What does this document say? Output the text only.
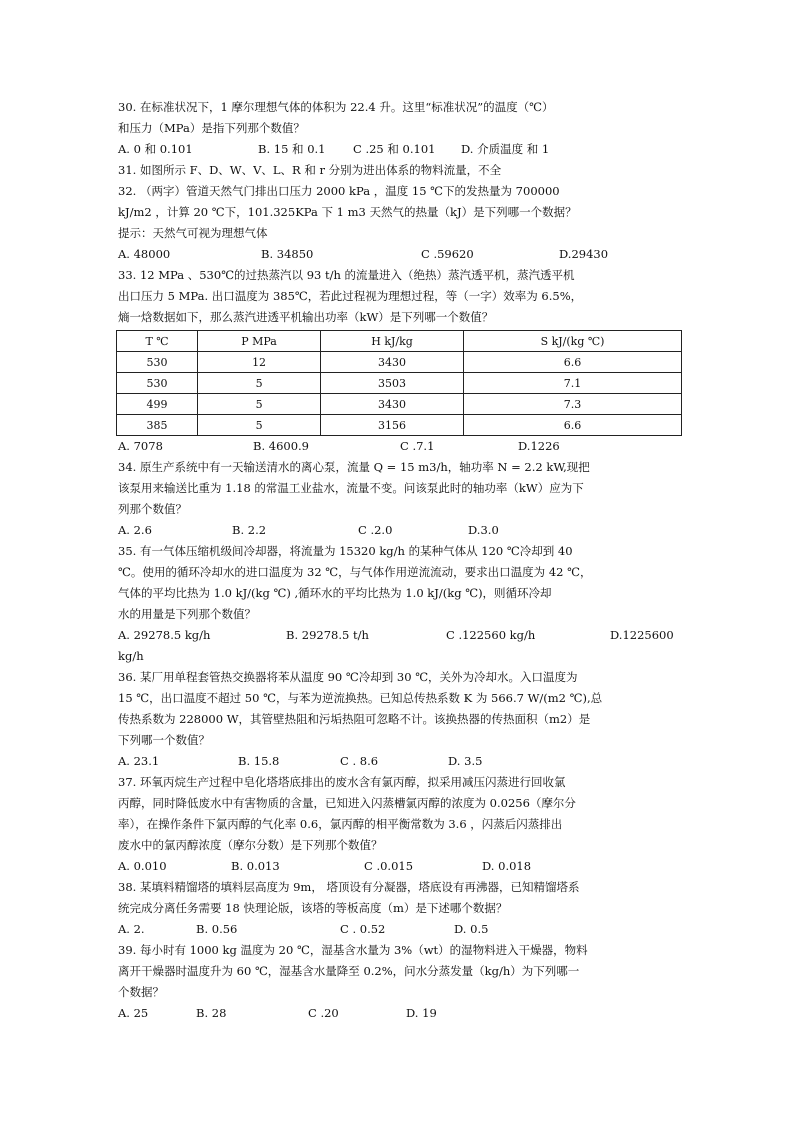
30. 在标准状况下，1 摩尔理想气体的体积为 22.4 升。这里“标准状况”的温度（℃）
和压力（MPa）是指下列那个数值？
A. 0 和 0.101	B. 15 和 0.1 C .25 和 0.101 D. 介质温度 和 1
31. 如图所示 F、D、W、V、L、R 和 r 分别为进出体系的物料流量，不全
32. （两字）管道天然气门排出口压力 2000 kPa ，温度 15 ℃下的发热量为 700000
kJ/m2 ，计算 20 ℃下，101.325KPa 下 1 m3 天然气的热量（kJ）是下列哪一个数据？
提示：天然气可视为理想气体
A. 48000	B. 34850	C .59620	D.29430
33. 12 MPa 、530℃的过热蒸汽以 93 t/h 的流量进入（绝热）蒸汽透平机，蒸汽透平机
出口压力 5 MPa. 出口温度为 385℃，若此过程视为理想过程，等（一字）效率为 6.5%，
熵一焓数据如下，那么蒸汽进透平机输出功率（kW）是下列哪一个数值？
T ℃	P MPa	H kJ/kg	S kJ/(kg ℃)
530	12	3430	6.6
530	5	3503	7.1
499	5	3430	7.3
385	5	3156	6.6
A. 7078	B. 4600.9	C .7.1	D.1226
34. 原生产系统中有一天输送清水的离心泵，流量 Q = 15 m3/h，轴功率 N = 2.2 kW,现把
该泵用来输送比重为 1.18 的常温工业盐水，流量不变。问该泵此时的轴功率（kW）应为下
列那个数值？
A. 2.6	B. 2.2	C .2.0	D.3.0
35. 有一气体压缩机级间冷却器，将流量为 15320 kg/h 的某种气体从 120 ℃冷却到 40
℃。使用的循环冷却水的进口温度为 32 ℃，与气体作用逆流流动，要求出口温度为 42 ℃，
气体的平均比热为 1.0 kJ/(kg ℃) ,循环水的平均比热为 1.0 kJ/(kg ℃)，则循环冷却
水的用量是下列那个数值？
A. 29278.5 kg/h	B. 29278.5 t/h	C .122560 kg/h	D.1225600
kg/h
36. 某厂用单程套管热交换器将苯从温度 90 ℃冷却到 30 ℃，关外为冷却水。入口温度为
15 ℃，出口温度不超过 50 ℃，与苯为逆流换热。已知总传热系数 K 为 566.7 W/(m2 ℃),总
传热系数为 228000 W，其管壁热阻和污垢热阻可忽略不计。该换热器的传热面积（m2）是
下列哪一个数值？
A. 23.1	B. 15.8	C . 8.6	D. 3.5
37. 环氧丙烷生产过程中皂化塔塔底排出的废水含有氯丙醇，拟采用减压闪蒸进行回收氯
丙醇，同时降低废水中有害物质的含量，已知进入闪蒸槽氯丙醇的浓度为 0.0256（摩尔分
率），在操作条件下氯丙醇的气化率 0.6，氯丙醇的相平衡常数为 3.6 ，闪蒸后闪蒸排出
废水中的氯丙醇浓度（摩尔分数）是下列那个数值？
A. 0.010	B. 0.013	C .0.015	D. 0.018
38. 某填料精馏塔的填料层高度为 9m， 塔顶设有分凝器，塔底设有再沸器，已知精馏塔系
统完成分离任务需要 18 快理论版，该塔的等板高度（m）是下述哪个数据？
A. 2.	B. 0.56	C . 0.52	D. 0.5
39. 每小时有 1000 kg 温度为 20 ℃，湿基含水量为 3%（wt）的湿物料进入干燥器，物料
离开干燥器时温度升为 60 ℃，湿基含水量降至 0.2%，问水分蒸发量（kg/h）为下列哪一
个数据？
A. 25	B. 28	C .20	D. 19
